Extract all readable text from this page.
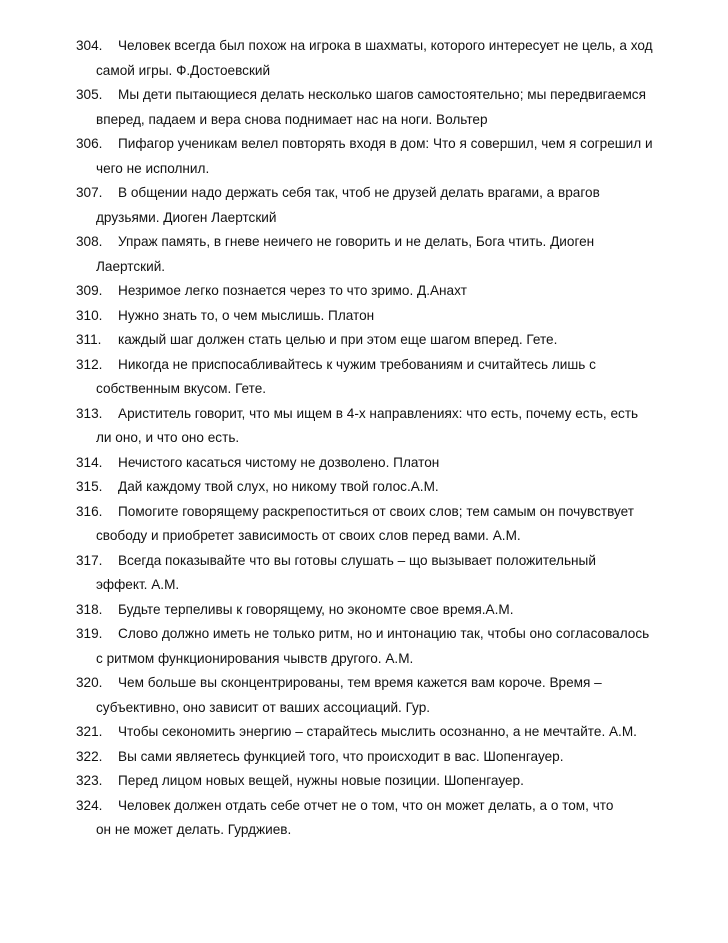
304.	Человек всегда был похож на игрока в шахматы, которого интересует не цель, а ход
самой игры. Ф.Достоевский
305.	Мы дети пытающиеся делать несколько шагов самостоятельно; мы передвигаемся
вперед, падаем и вера снова поднимает нас на ноги. Вольтер
306.	Пифагор ученикам велел повторять входя в дом: Что я совершил, чем я согрешил и
чего не исполнил.
307.	В общении надо держать себя так, чтоб не друзей делать врагами, а врагов
друзьями. Диоген Лаертский
308.	Упраж память, в гневе неичего не говорить и не делать, Бога чтить. Диоген
Лаертский.
309.	Незримое легко познается через то что зримо. Д.Анахт
310.	Нужно знать то, о чем мыслишь. Платон
311.	каждый шаг должен стать целью и при этом еще шагом вперед. Гете.
312.	Никогда не приспосабливайтесь к чужим требованиям и считайтесь лишь с
собственным вкусом. Гете.
313.	Ариститель говорит, что мы ищем в 4-х направлениях: что есть, почему есть, есть
ли оно, и что оно есть.
314.	Нечистого касаться чистому не дозволено. Платон
315.	Дай каждому твой слух, но никому твой голос.А.М.
316.	Помогите говорящему раскрепоститься от своих слов; тем самым он почувствует
свободу и приобретет зависимость от своих слов перед вами. А.М.
317.	Всегда показывайте что вы готовы слушать – що вызывает положительный
эффект. А.М.
318.	Будьте терпеливы к говорящему, но экономте свое время.А.М.
319.	Слово должно иметь не только ритм, но и интонацию так, чтобы оно согласовалось
с ритмом функционирования чывств другого. А.М.
320.	Чем больше вы сконцентрированы, тем время кажется вам короче. Время –
субъективно, оно зависит от ваших ассоциаций. Гур.
321.	Чтобы секономить энергию – старайтесь мыслить осознанно, а не мечтайте. А.М.
322.	Вы сами являетесь функцией того, что происходит в вас. Шопенгауер.
323.	Перед лицом новых вещей, нужны новые позиции. Шопенгауер.
324.	Человек должен отдать себе отчет не о том, что он может делать, а о том, что
он не может делать. Гурджиев.
